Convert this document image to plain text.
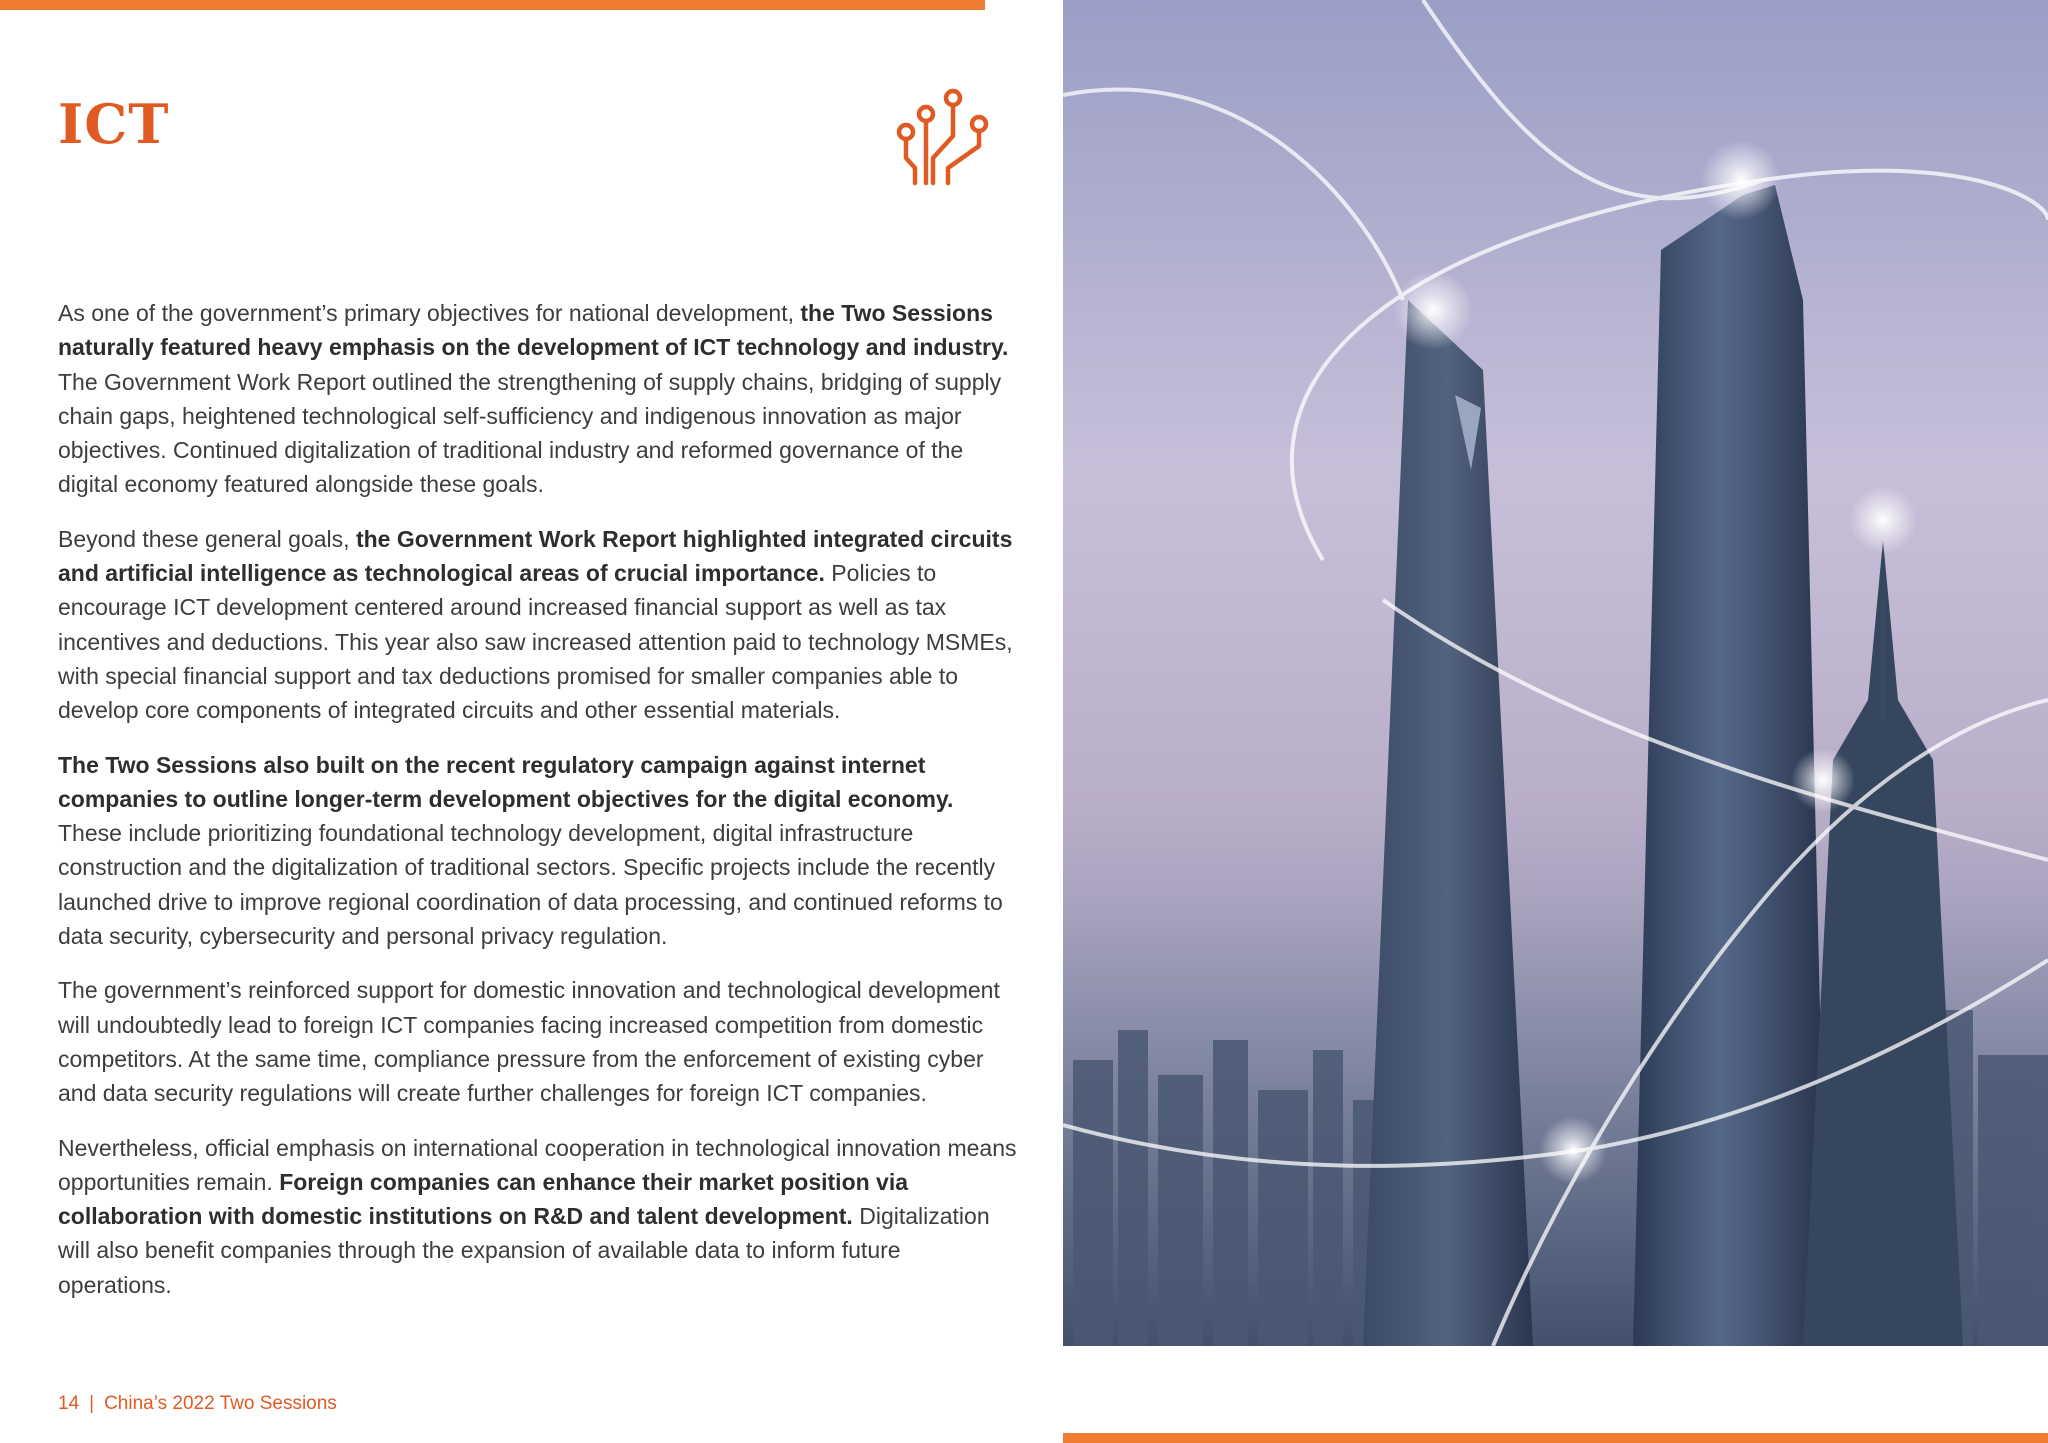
ICT

As one of the government’s primary objectives for national development, the Two Sessions naturally featured heavy emphasis on the development of ICT technology and industry. The Government Work Report outlined the strengthening of supply chains, bridging of supply chain gaps, heightened technological self-sufficiency and indigenous innovation as major objectives. Continued digitalization of traditional industry and reformed governance of the digital economy featured alongside these goals.

Beyond these general goals, the Government Work Report highlighted integrated circuits and artificial intelligence as technological areas of crucial importance. Policies to encourage ICT development centered around increased financial support as well as tax incentives and deductions. This year also saw increased attention paid to technology MSMEs, with special financial support and tax deductions promised for smaller companies able to develop core components of integrated circuits and other essential materials.

The Two Sessions also built on the recent regulatory campaign against internet companies to outline longer-term development objectives for the digital economy. These include prioritizing foundational technology development, digital infrastructure construction and the digitalization of traditional sectors. Specific projects include the recently launched drive to improve regional coordination of data processing, and continued reforms to data security, cybersecurity and personal privacy regulation.

The government’s reinforced support for domestic innovation and technological development will undoubtedly lead to foreign ICT companies facing increased competition from domestic competitors. At the same time, compliance pressure from the enforcement of existing cyber and data security regulations will create further challenges for foreign ICT companies.

Nevertheless, official emphasis on international cooperation in technological innovation means opportunities remain. Foreign companies can enhance their market position via collaboration with domestic institutions on R&D and talent development. Digitalization will also benefit companies through the expansion of available data to inform future operations.

14 | China’s 2022 Two Sessions
